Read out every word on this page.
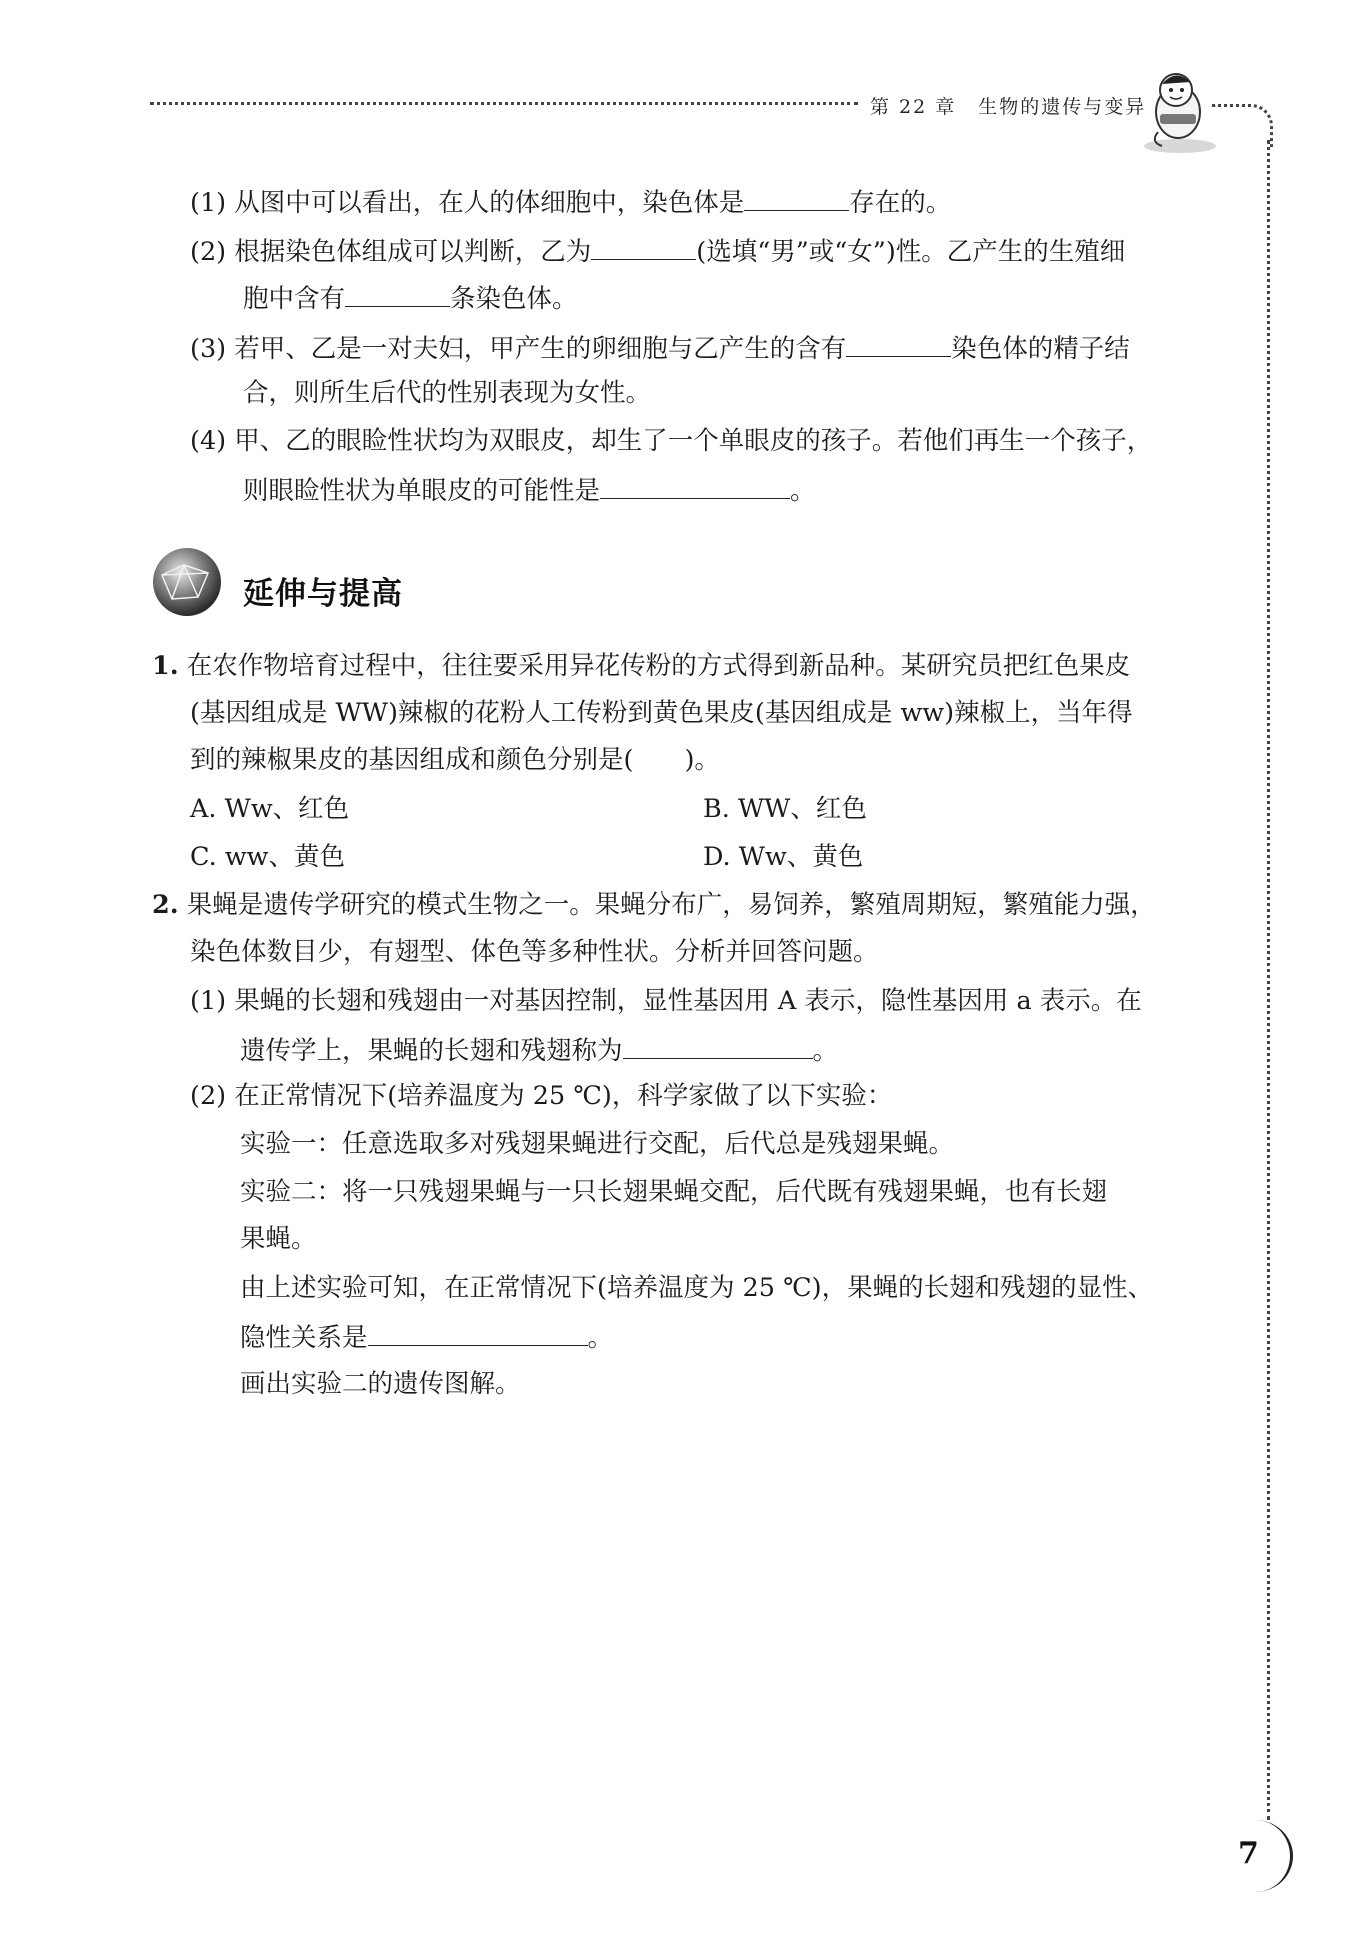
第 22 章 生物的遗传与变异
7
(1) 从图中可以看出，在人的体细胞中，染色体是	存在的。
(2) 根据染色体组成可以判断，乙为	(选填“男”或“女”)性。乙产生的生殖细
胞中含有	条染色体。
(3) 若甲、乙是一对夫妇，甲产生的卵细胞与乙产生的含有	染色体的精子结
合，则所生后代的性别表现为女性。
(4) 甲、乙的眼睑性状均为双眼皮，却生了一个单眼皮的孩子。若他们再生一个孩子，
则眼睑性状为单眼皮的可能性是	。
延伸与提高
1. 在农作物培育过程中，往往要采用异花传粉的方式得到新品种。某研究员把红色果皮
(基因组成是 WW)辣椒的花粉人工传粉到黄色果皮(基因组成是 ww)辣椒上，当年得
到的辣椒果皮的基因组成和颜色分别是(　　)。
A. Ww、红色	B. WW、红色
C. ww、黄色	D. Ww、黄色
2. 果蝇是遗传学研究的模式生物之一。果蝇分布广，易饲养，繁殖周期短，繁殖能力强，
染色体数目少，有翅型、体色等多种性状。分析并回答问题。
(1) 果蝇的长翅和残翅由一对基因控制，显性基因用 A 表示，隐性基因用 a 表示。在
遗传学上，果蝇的长翅和残翅称为	。
(2) 在正常情况下(培养温度为 25 ℃)，科学家做了以下实验：
实验一：任意选取多对残翅果蝇进行交配，后代总是残翅果蝇。
实验二：将一只残翅果蝇与一只长翅果蝇交配，后代既有残翅果蝇，也有长翅
果蝇。
由上述实验可知，在正常情况下(培养温度为 25 ℃)，果蝇的长翅和残翅的显性、
隐性关系是	。
画出实验二的遗传图解。
